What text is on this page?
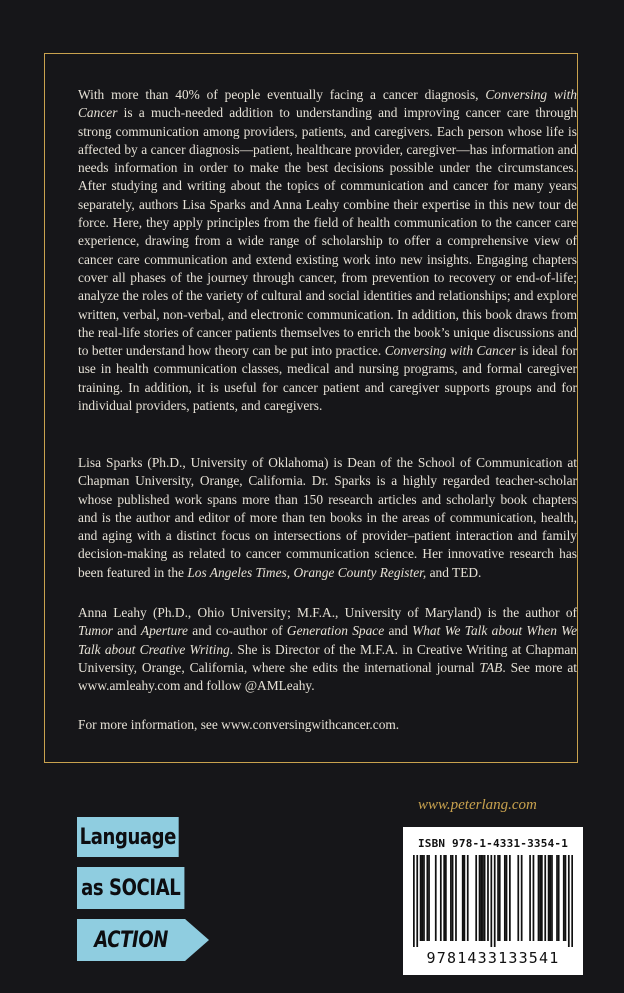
With more than 40% of people eventually facing a cancer diagnosis, Conversing with Cancer is a much-needed addition to understanding and improving cancer care through strong communication among providers, patients, and caregivers. Each person whose life is affected by a cancer diagnosis—patient, healthcare provider, caregiver—has information and needs information in order to make the best decisions possible under the circumstances. After studying and writing about the topics of communication and cancer for many years separately, authors Lisa Sparks and Anna Leahy combine their expertise in this new tour de force. Here, they apply principles from the field of health communication to the cancer care experience, drawing from a wide range of scholarship to offer a comprehensive view of cancer care communication and extend existing work into new insights. Engaging chapters cover all phases of the journey through cancer, from prevention to recovery or end-of-life; analyze the roles of the variety of cultural and social identities and relationships; and explore written, verbal, non-verbal, and electronic communication. In addition, this book draws from the real-life stories of cancer patients themselves to enrich the book’s unique discussions and to better understand how theory can be put into practice. Conversing with Cancer is ideal for use in health communication classes, medical and nursing programs, and formal caregiver training. In addition, it is useful for cancer patient and caregiver supports groups and for individual providers, patients, and caregivers.

Lisa Sparks (Ph.D., University of Oklahoma) is Dean of the School of Communication at Chapman University, Orange, California. Dr. Sparks is a highly regarded teacher-scholar whose published work spans more than 150 research articles and scholarly book chapters and is the author and editor of more than ten books in the areas of communication, health, and aging with a distinct focus on intersections of provider–patient interaction and family decision-making as related to cancer communication science. Her innovative research has been featured in the Los Angeles Times, Orange County Register, and TED.

Anna Leahy (Ph.D., Ohio University; M.F.A., University of Maryland) is the author of Tumor and Aperture and co-author of Generation Space and What We Talk about When We Talk about Creative Writing. She is Director of the M.F.A. in Creative Writing at Chapman University, Orange, California, where she edits the international journal TAB. See more at www.amleahy.com and follow @AMLeahy.

For more information, see www.conversingwithcancer.com.

www.peterlang.com
Language
as SOCIAL
ACTION
ISBN 978-1-4331-3354-1
9781433133541
